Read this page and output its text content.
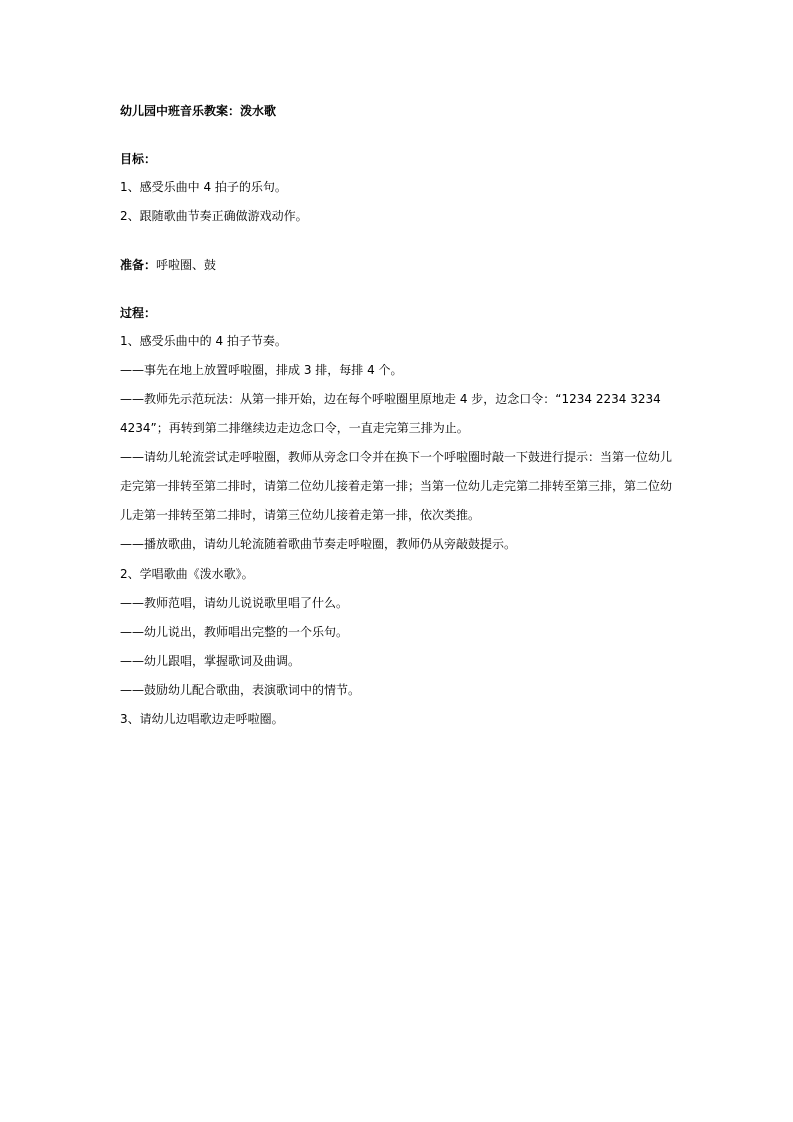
幼儿园中班音乐教案：泼水歌
目标：
1、感受乐曲中 4 拍子的乐句。
2、跟随歌曲节奏正确做游戏动作。
准备：呼啦圈、鼓
过程：
1、感受乐曲中的 4 拍子节奏。
——事先在地上放置呼啦圈，排成 3 排，每排 4 个。
——教师先示范玩法：从第一排开始，边在每个呼啦圈里原地走 4 步，边念口令：“1234 2234 3234
4234”；再转到第二排继续边走边念口令，一直走完第三排为止。
——请幼儿轮流尝试走呼啦圈，教师从旁念口令并在换下一个呼啦圈时敲一下鼓进行提示：当第一位幼儿
走完第一排转至第二排时，请第二位幼儿接着走第一排；当第一位幼儿走完第二排转至第三排，第二位幼
儿走第一排转至第二排时，请第三位幼儿接着走第一排，依次类推。
——播放歌曲，请幼儿轮流随着歌曲节奏走呼啦圈，教师仍从旁敲鼓提示。
2、学唱歌曲《泼水歌》。
——教师范唱，请幼儿说说歌里唱了什么。
——幼儿说出，教师唱出完整的一个乐句。
——幼儿跟唱，掌握歌词及曲调。
——鼓励幼儿配合歌曲，表演歌词中的情节。
3、请幼儿边唱歌边走呼啦圈。
